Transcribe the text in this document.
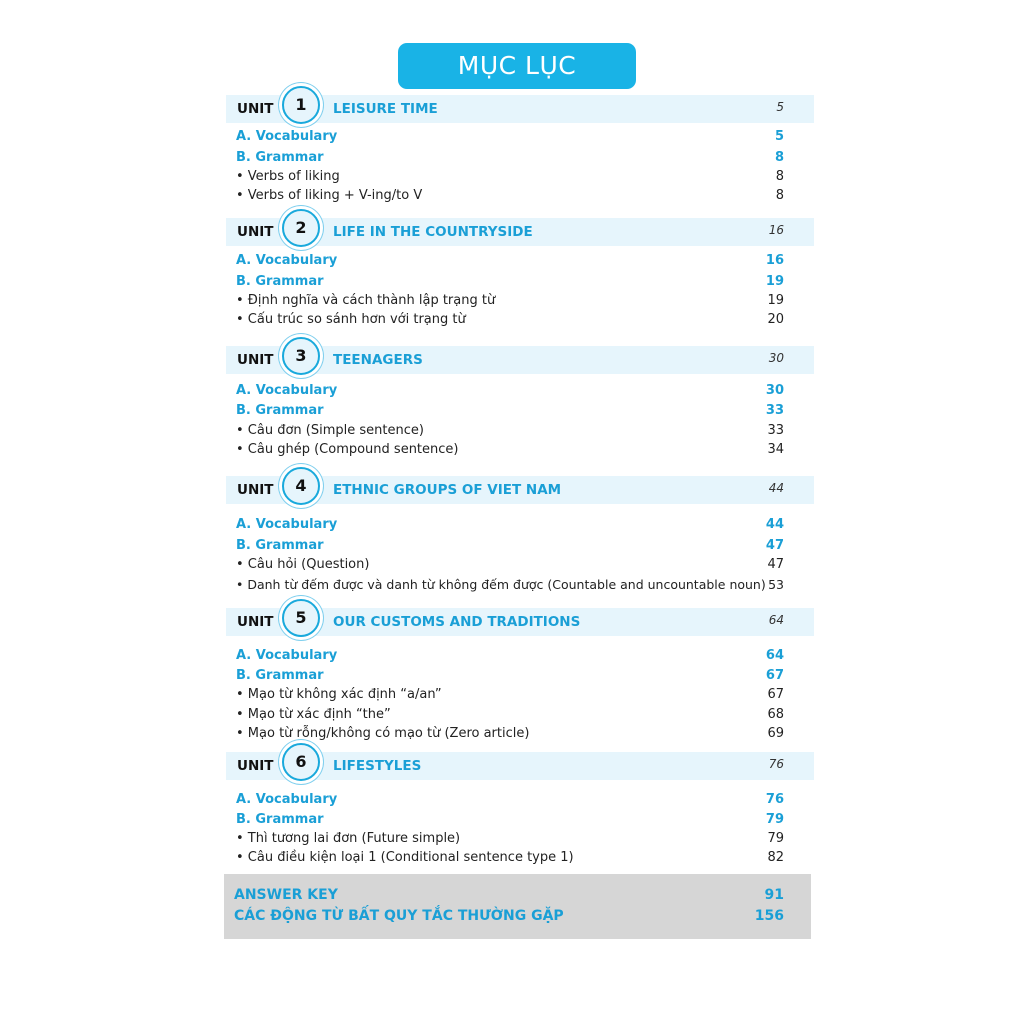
MỤC LỤC
UNIT	1	LEISURE TIME	5
A. Vocabulary	5
B. Grammar	8
• Verbs of liking	8
• Verbs of liking + V-ing/to V	8
UNIT	2	LIFE IN THE COUNTRYSIDE	16
A. Vocabulary	16
B. Grammar	19
• Định nghĩa và cách thành lập trạng từ	19
• Cấu trúc so sánh hơn với trạng từ	20
UNIT	3	TEENAGERS	30
A. Vocabulary	30
B. Grammar	33
• Câu đơn (Simple sentence)	33
• Câu ghép (Compound sentence)	34
UNIT	4	ETHNIC GROUPS OF VIET NAM	44
A. Vocabulary	44
B. Grammar	47
• Câu hỏi (Question)	47
• Danh từ đếm được và danh từ không đếm được (Countable and uncountable noun) 53
UNIT	5	OUR CUSTOMS AND TRADITIONS	64
A. Vocabulary	64
B. Grammar	67
• Mạo từ không xác định “a/an”	67
• Mạo từ xác định “the”	68
• Mạo từ rỗng/không có mạo từ (Zero article)	69
UNIT	6	LIFESTYLES	76
A. Vocabulary	76
B. Grammar	79
• Thì tương lai đơn (Future simple)	79
• Câu điều kiện loại 1 (Conditional sentence type 1)	82
ANSWER KEY	91
CÁC ĐỘNG TỪ BẤT QUY TẮC THƯỜNG GẶP	156
